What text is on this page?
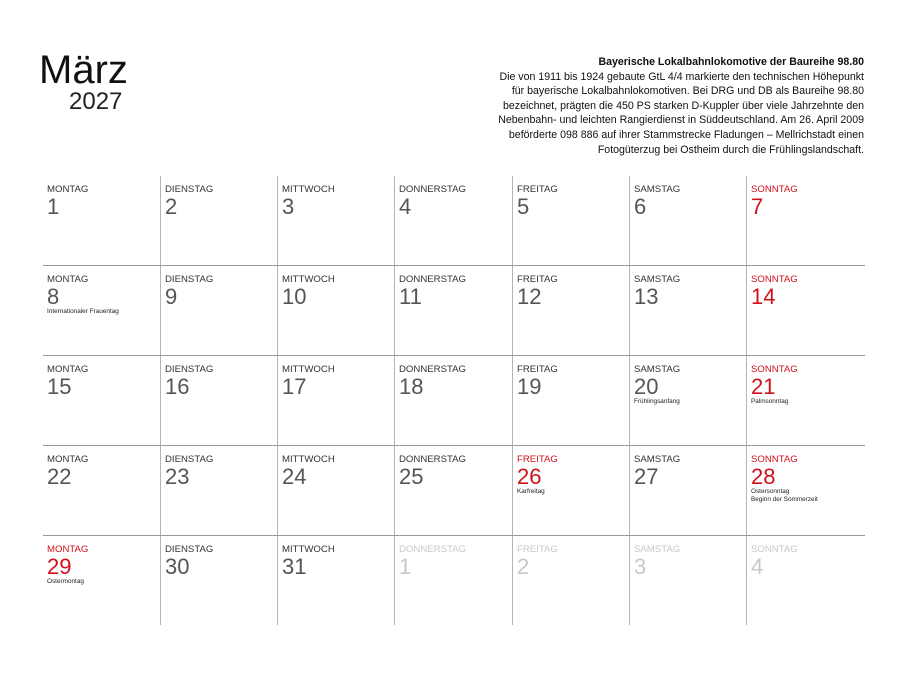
März
2027
Bayerische Lokalbahnlokomotive der Baureihe 98.80
Die von 1911 bis 1924 gebaute GtL 4/4 markierte den technischen Höhepunkt
für bayerische Lokalbahnlokomotiven. Bei DRG und DB als Baureihe 98.80
bezeichnet, prägten die 450 PS starken D-Kuppler über viele Jahrzehnte den
Nebenbahn- und leichten Rangierdienst in Süddeutschland. Am 26. April 2009
beförderte 098 886 auf ihrer Stammstrecke Fladungen – Mellrichstadt einen
Fotogüterzug bei Ostheim durch die Frühlingslandschaft.
MONTAG
1
DIENSTAG
2
MITTWOCH
3
DONNERSTAG
4
FREITAG
5
SAMSTAG
6
SONNTAG
7
MONTAG
8
Internationaler Frauentag
DIENSTAG
9
MITTWOCH
10
DONNERSTAG
11
FREITAG
12
SAMSTAG
13
SONNTAG
14
MONTAG
15
DIENSTAG
16
MITTWOCH
17
DONNERSTAG
18
FREITAG
19
SAMSTAG
20
Frühlingsanfang
SONNTAG
21
Palmsonntag
MONTAG
22
DIENSTAG
23
MITTWOCH
24
DONNERSTAG
25
FREITAG
26
Karfreitag
SAMSTAG
27
SONNTAG
28
Ostersonntag
Beginn der Sommerzeit
MONTAG
29
Ostermontag
DIENSTAG
30
MITTWOCH
31
DONNERSTAG
1
FREITAG
2
SAMSTAG
3
SONNTAG
4
